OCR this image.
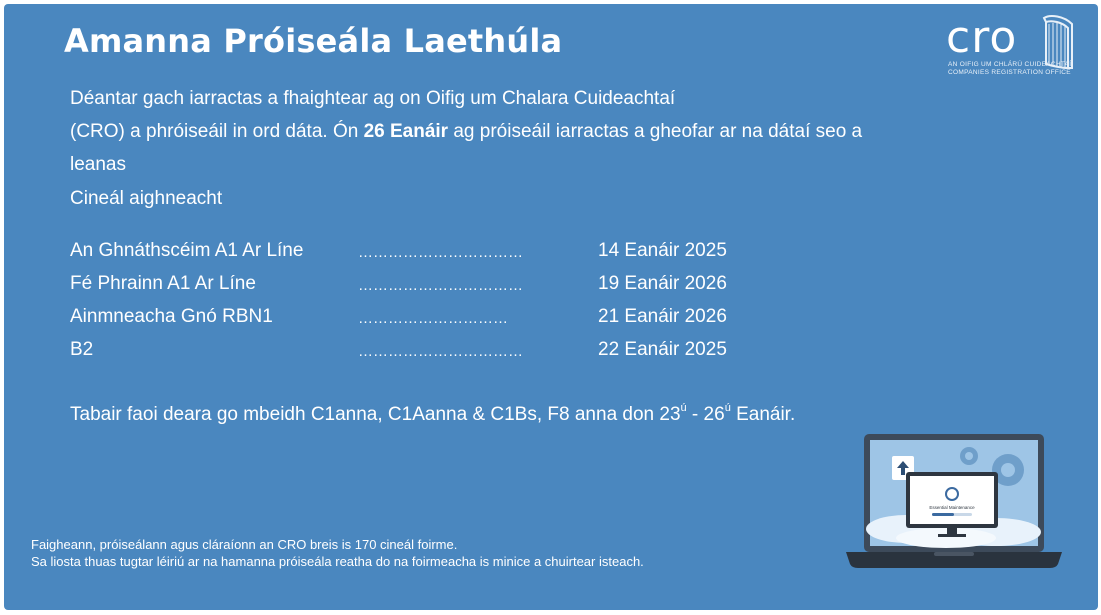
Amanna Próiseála Laethúla	cro
AN OIFIG UM CHLÁRÚ CUIDEACHTAÍ
COMPANIES REGISTRATION OFFICE
Déantar gach iarractas a fhaightear ag on Oifig um Chalara Cuideachtaí
(CRO) a phróiseáil in ord dáta. Ón 26 Eanáir ag próiseáil iarractas a gheofar ar na dátaí seo a
leanas
Cineál aighneacht
An Ghnáthscéim A1 Ar Líne	……………………………	14 Eanáir 2025
Fé Phrainn A1 Ar Líne	……………………………	19 Eanáir 2026
Ainmneacha Gnó RBN1	…………………………	21 Eanáir 2026
B2	……………………………	22 Eanáir 2025
Tabair faoi deara go mbeidh C1anna, C1Aanna & C1Bs, F8 anna don $23^ú - 26^ú$ Eanáir.
Faigheann, próiseálann agus cláraíonn an CRO breis is 170 cineál foirme.
Sa liosta thuas tugtar léiriú ar na hamanna próiseála reatha do na foirmeacha is minice a chuirtear isteach.
Essential Maintenance
